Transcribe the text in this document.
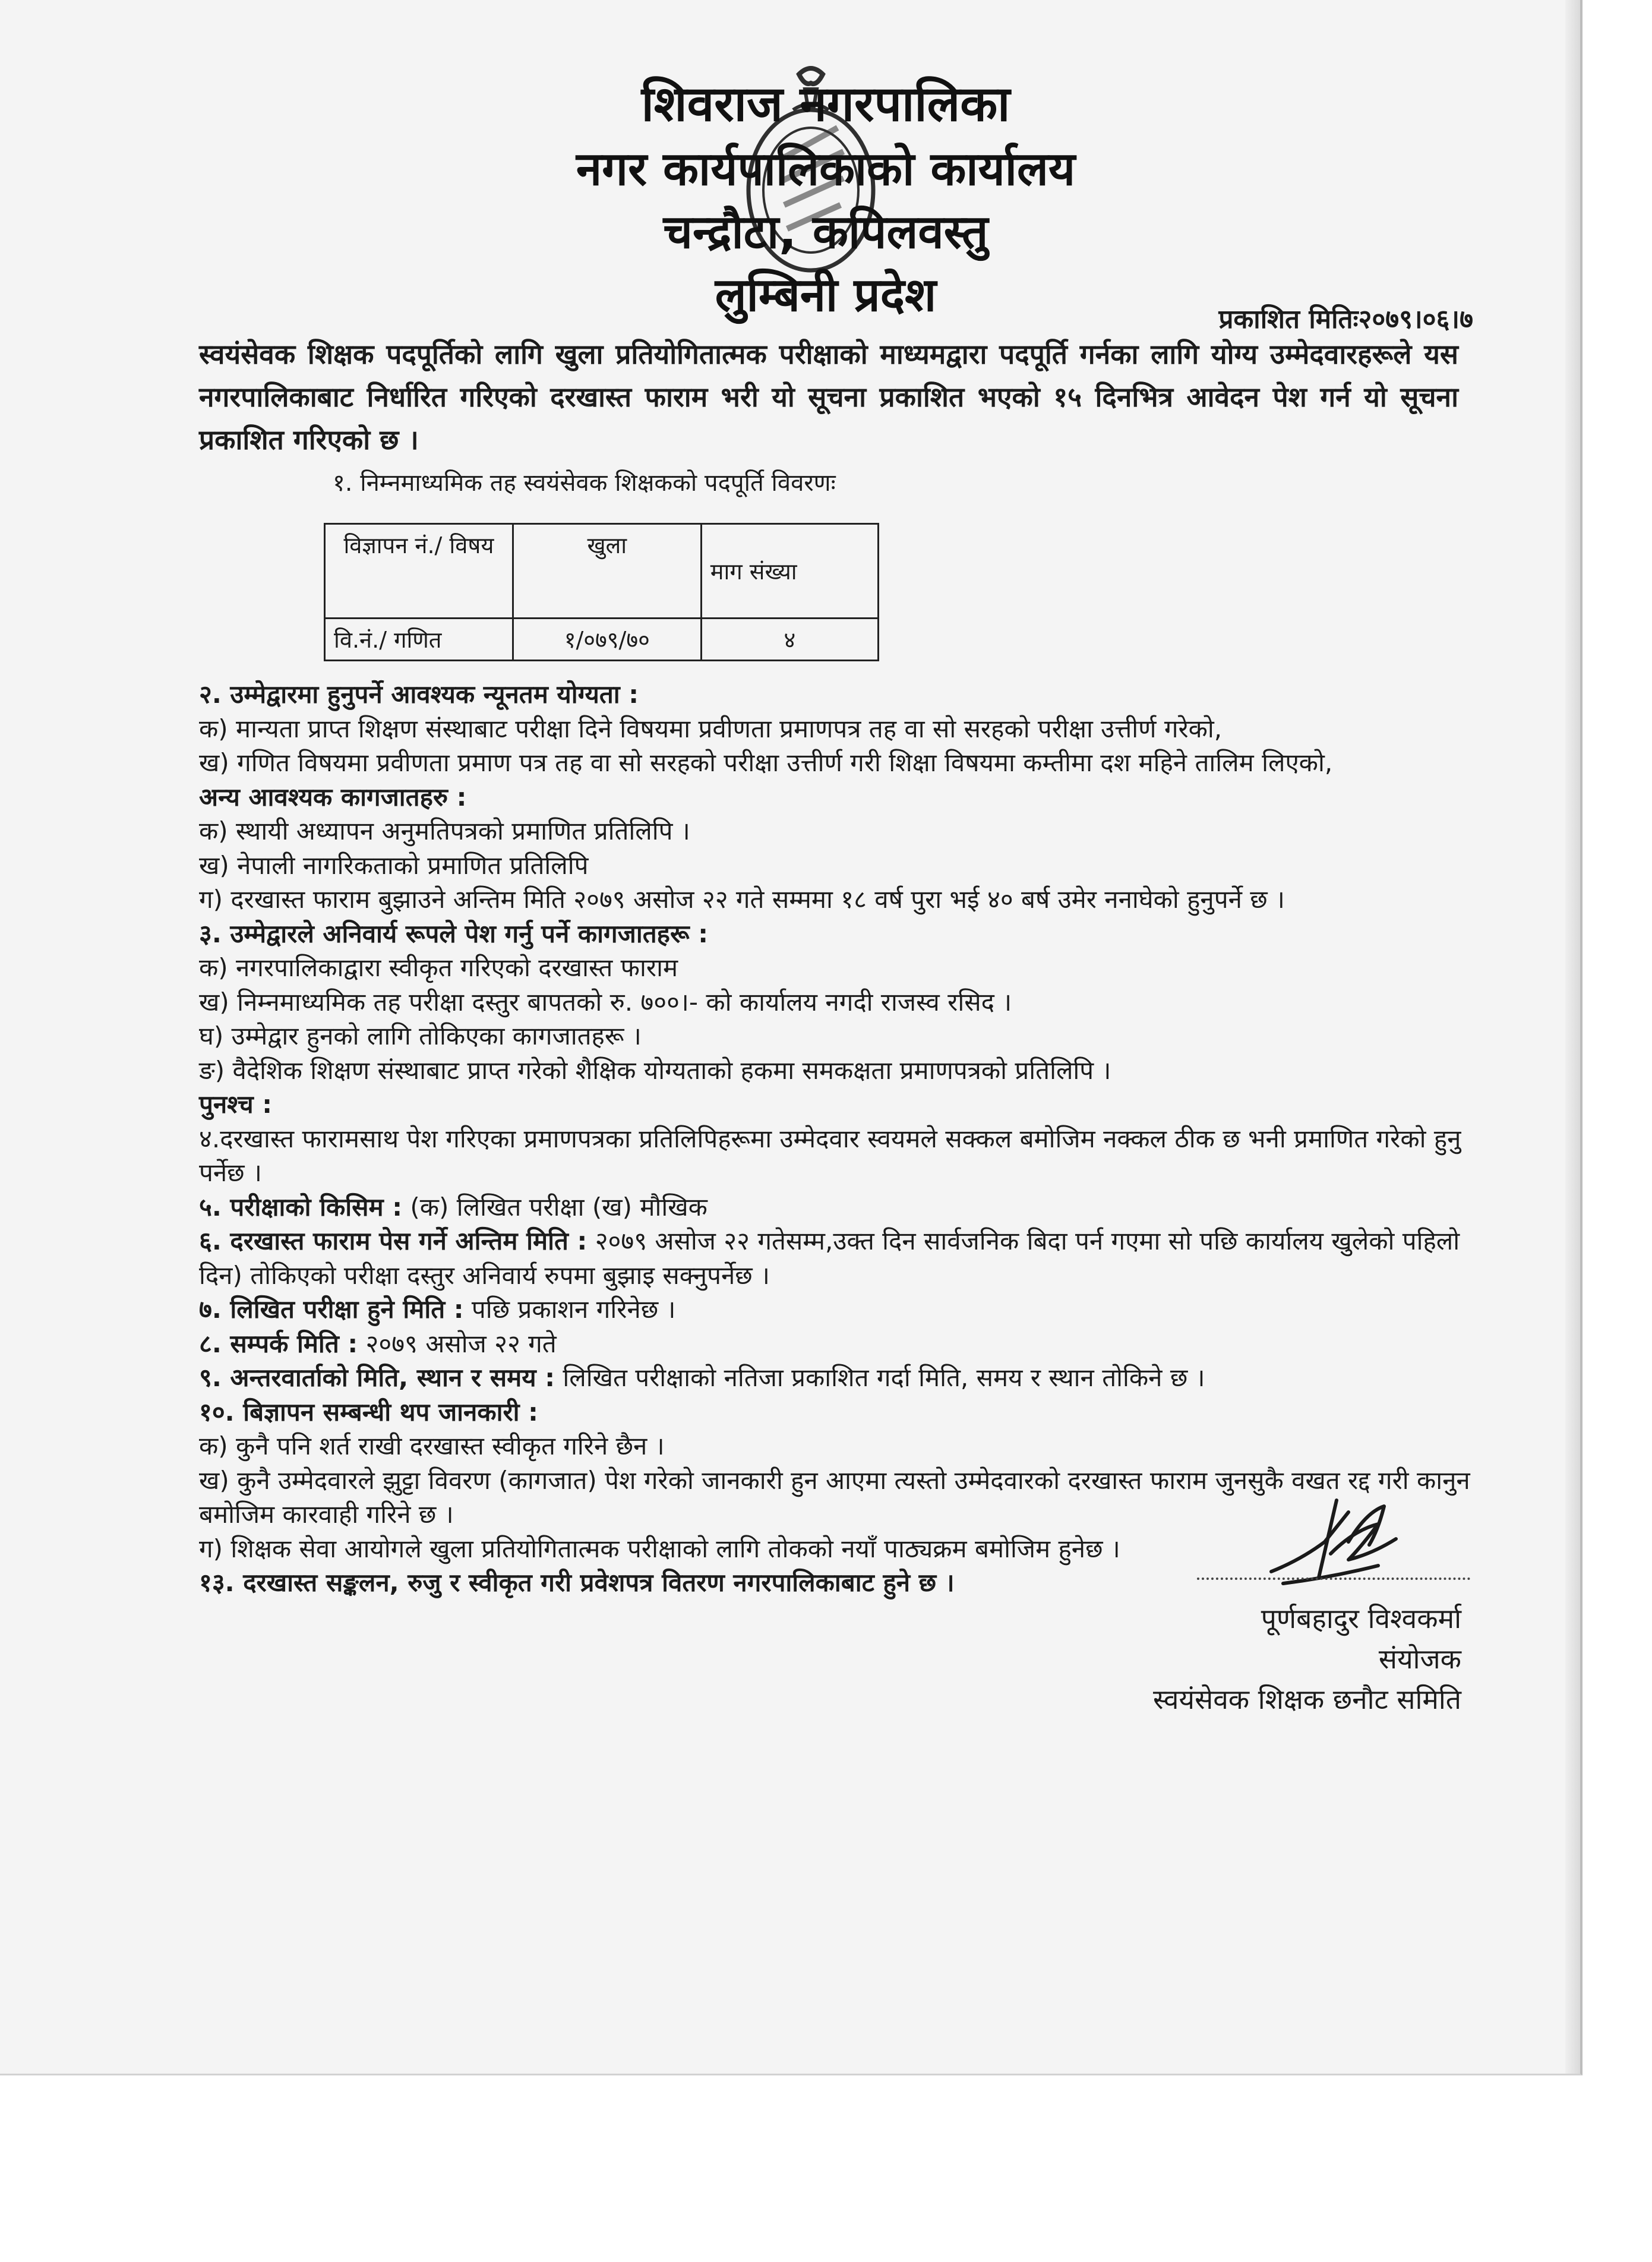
शिवराज नगरपालिका
नगर कार्यपालिकाको कार्यालय
चन्द्रौटा, कपिलवस्तु
लुम्बिनी प्रदेश	प्रकाशित मितिः२०७९।०६।७
स्वयंसेवक शिक्षक पदपूर्तिको लागि खुला प्रतियोगितात्मक परीक्षाको माध्यमद्वारा पदपूर्ति गर्नका लागि योग्य उम्मेदवारहरूले यस नगरपालिकाबाट निर्धारित गरिएको दरखास्त फाराम भरी यो सूचना प्रकाशित भएको १५ दिनभित्र आवेदन पेश गर्न यो सूचना प्रकाशित गरिएको छ ।
१. निम्नमाध्यमिक तह स्वयंसेवक शिक्षकको पदपूर्ति विवरणः
विज्ञापन नं./ विषय	खुला	माग संख्या
वि.नं./ गणित	१/०७९/७०	४

२. उम्मेद्वारमा हुनुपर्ने आवश्यक न्यूनतम योग्यता :

क) मान्यता प्राप्त शिक्षण संस्थाबाट परीक्षा दिने विषयमा प्रवीणता प्रमाणपत्र तह वा सो सरहको परीक्षा उत्तीर्ण गरेको,

ख) गणित विषयमा प्रवीणता प्रमाण पत्र तह वा सो सरहको परीक्षा उत्तीर्ण गरी शिक्षा विषयमा कम्तीमा दश महिने तालिम लिएको,

अन्य आवश्यक कागजातहरु :

क) स्थायी अध्यापन अनुमतिपत्रको प्रमाणित प्रतिलिपि ।

ख) नेपाली नागरिकताको प्रमाणित प्रतिलिपि

ग) दरखास्त फाराम बुझाउने अन्तिम मिति २०७९ असोज २२ गते सम्ममा १८ वर्ष पुरा भई ४० बर्ष उमेर ननाघेको हुनुपर्ने छ ।

३. उम्मेद्वारले अनिवार्य रूपले पेश गर्नु पर्ने कागजातहरू :

क) नगरपालिकाद्वारा स्वीकृत गरिएको दरखास्त फाराम

ख) निम्नमाध्यमिक तह परीक्षा दस्तुर बापतको रु. ७००।- को कार्यालय नगदी राजस्व रसिद ।

घ) उम्मेद्वार हुनको लागि तोकिएका कागजातहरू ।

ङ) वैदेशिक शिक्षण संस्थाबाट प्राप्त गरेको शैक्षिक योग्यताको हकमा समकक्षता प्रमाणपत्रको प्रतिलिपि ।

पुनश्च :

४.दरखास्त फारामसाथ पेश गरिएका प्रमाणपत्रका प्रतिलिपिहरूमा उम्मेदवार स्वयमले सक्कल बमोजिम नक्कल ठीक छ भनी प्रमाणित गरेको हुनु पर्नेछ ।

५. परीक्षाको किसिम : (क) लिखित परीक्षा (ख) मौखिक

६. दरखास्त फाराम पेस गर्ने अन्तिम मिति : २०७९ असोज २२ गतेसम्म,उक्त दिन सार्वजनिक बिदा पर्न गएमा सो पछि कार्यालय खुलेको पहिलो दिन) तोकिएको परीक्षा दस्तुर अनिवार्य रुपमा बुझाइ सक्नुपर्नेछ ।

७. लिखित परीक्षा हुने मिति : पछि प्रकाशन गरिनेछ ।

८. सम्पर्क मिति : २०७९ असोज २२ गते

९. अन्तरवार्ताको मिति, स्थान र समय : लिखित परीक्षाको नतिजा प्रकाशित गर्दा मिति, समय र स्थान तोकिने छ ।

१०. बिज्ञापन सम्बन्धी थप जानकारी :

क) कुनै पनि शर्त राखी दरखास्त स्वीकृत गरिने छैन ।

ख) कुनै उम्मेदवारले झुट्टा विवरण (कागजात) पेश गरेको जानकारी हुन आएमा त्यस्तो उम्मेदवारको दरखास्त फाराम जुनसुकै वखत रद्द गरी कानुन बमोजिम कारवाही गरिने छ ।

ग) शिक्षक सेवा आयोगले खुला प्रतियोगितात्मक परीक्षाको लागि तोकको नयाँ पाठ्यक्रम बमोजिम हुनेछ ।

१३. दरखास्त सङ्कलन, रुजु र स्वीकृत गरी प्रवेशपत्र वितरण नगरपालिकाबाट हुने छ ।

पूर्णबहादुर विश्वकर्मा

संयोजक

स्वयंसेवक शिक्षक छनौट समिति
